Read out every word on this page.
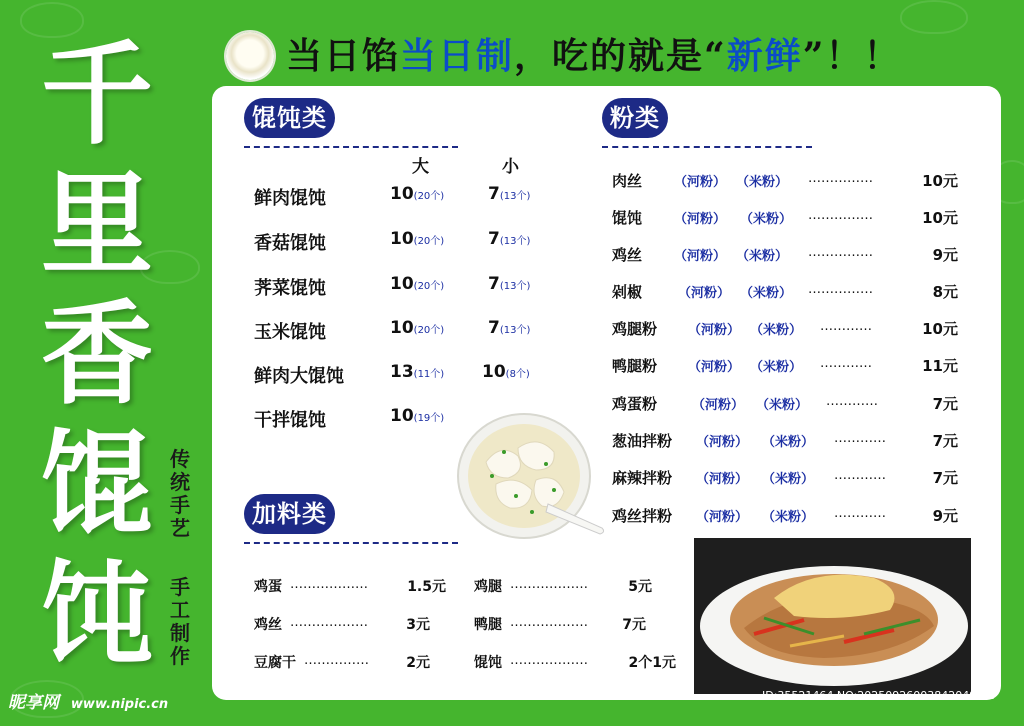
千
里
香
馄
饨
传统手艺
手工制作
当日馅当日制，吃的就是“新鲜”！！
馄饨类
大	小
鲜肉馄饨	10(20个)	7(13个)
香菇馄饨	10(20个)	7(13个)
荠菜馄饨	10(20个)	7(13个)
玉米馄饨	10(20个)	7(13个)
鲜肉大馄饨	13(11个) 10(8个)
干拌馄饨	10(19个)
加料类
鸡蛋 ………………	1.5元
鸡丝 ………………	3元
豆腐干 ……………	2元
鸡腿 ………………	5元
鸭腿 ……………… 7元
馄饨 ………………	2个1元
粉类
肉丝 （河粉） （米粉） ……………	10元
馄饨 （河粉） （米粉） ……………	10元
鸡丝 （河粉） （米粉） ……………	9元
剁椒	（河粉） （米粉） ……………	8元
鸡腿粉 （河粉） （米粉） …………	10元
鸭腿粉 （河粉） （米粉） …………	11元
鸡蛋粉	（河粉） （米粉） …………	7元
葱油拌粉 （河粉） （米粉） …………	7元
麻辣拌粉 （河粉） （米粉） …………	7元
鸡丝拌粉 （河粉） （米粉） …………	9元
昵享网 www.nipic.cn
ID:35521464 NO:20250926003842049107
